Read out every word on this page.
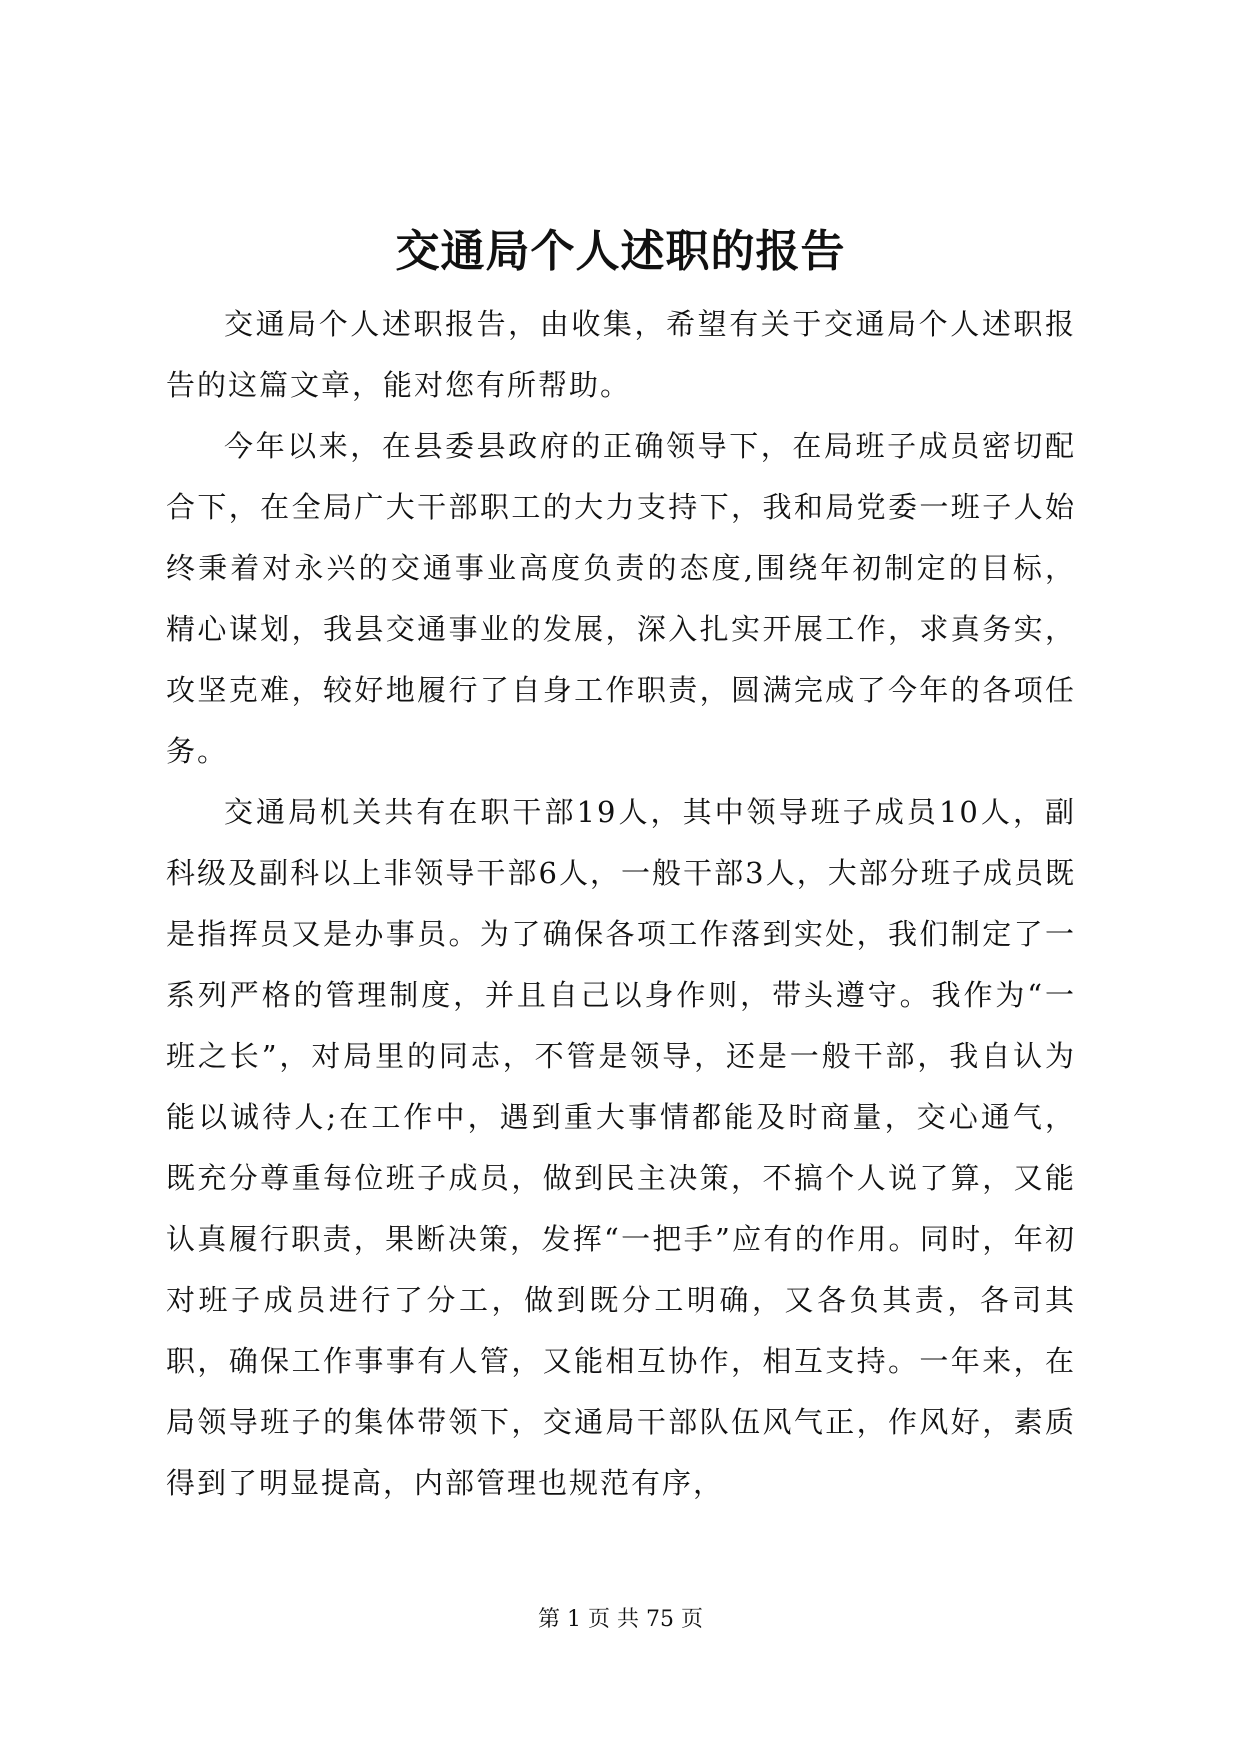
交通局个人述职的报告

交通局个人述职报告，由收集，希望有关于交通局个人述职报告的这篇文章，能对您有所帮助。

今年以来，在县委县政府的正确领导下，在局班子成员密切配合下，在全局广大干部职工的大力支持下，我和局党委一班子人始终秉着对永兴的交通事业高度负责的态度,围绕年初制定的目标，精心谋划，我县交通事业的发展，深入扎实开展工作，求真务实，攻坚克难，较好地履行了自身工作职责，圆满完成了今年的各项任务。

交通局机关共有在职干部19人，其中领导班子成员10人，副科级及副科以上非领导干部6人，一般干部3人，大部分班子成员既是指挥员又是办事员。为了确保各项工作落到实处，我们制定了一系列严格的管理制度，并且自己以身作则，带头遵守。我作为“一班之长”，对局里的同志，不管是领导，还是一般干部，我自认为能以诚待人;在工作中，遇到重大事情都能及时商量，交心通气，既充分尊重每位班子成员，做到民主决策，不搞个人说了算，又能认真履行职责，果断决策，发挥“一把手”应有的作用。同时，年初对班子成员进行了分工，做到既分工明确，又各负其责，各司其职，确保工作事事有人管，又能相互协作，相互支持。一年来，在局领导班子的集体带领下，交通局干部队伍风气正，作风好，素质得到了明显提高，内部管理也规范有序，

第 1 页 共 75 页
